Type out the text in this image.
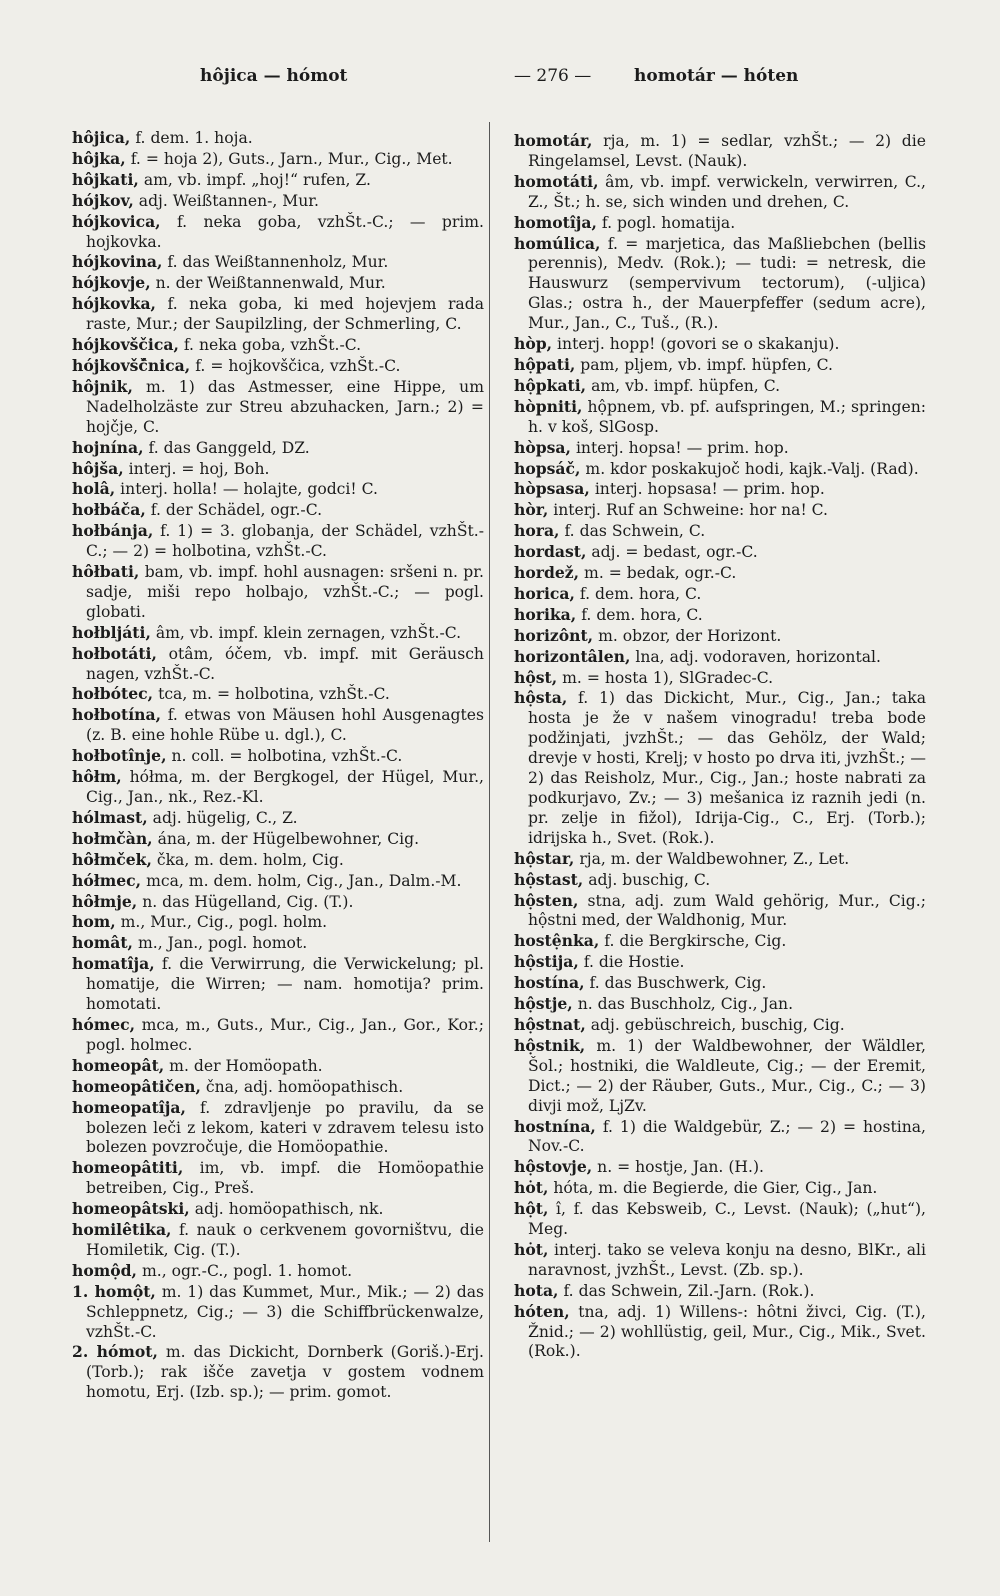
hôjica — hómot	— 276 —	homotár — hóten

hôjica, f. dem. 1. hoja.

hôjka, f. = hoja 2), Guts., Jarn., Mur., Cig., Met.

hôjkati, am, vb. impf. „hoj!“ rufen, Z.

hójkov, adj. Weißtannen-, Mur.

hójkovica, f. neka goba, vzhŠt.-C.; — prim. hojkovka.

hójkovina, f. das Weißtannenholz, Mur.

hójkovje, n. der Weißtannenwald, Mur.

hójkovka, f. neka goba, ki med hojevjem rada raste, Mur.; der Saupilzling, der Schmerling, C.

hójkovščica, f. neka goba, vzhŠt.-C.

hójkovšč̂nica, f. = hojkovščica, vzhŠt.-C.

hôjnik, m. 1) das Astmesser, eine Hippe, um Nadelholzäste zur Streu abzuhacken, Jarn.; 2) = hojčje, C.

hojnína, f. das Ganggeld, DZ.

hôjša, interj. = hoj, Boh.

holâ, interj. holla! — holajte, godci! C.

hołbáča, f. der Schädel, ogr.-C.

hołbánja, f. 1) = 3. globanja, der Schädel, vzhŠt.-C.; — 2) = holbotina, vzhŠt.-C.

hôłbati, bam, vb. impf. hohl ausnagen: sršeni n. pr. sadje, miši repo holbajo, vzhŠt.-C.; — pogl. globati.

hołbljáti, âm, vb. impf. klein zernagen, vzhŠt.-C.

hołbotáti, otâm, óčem, vb. impf. mit Geräusch nagen, vzhŠt.-C.

hołbótec, tca, m. = holbotina, vzhŠt.-C.

hołbotína, f. etwas von Mäusen hohl Ausgenagtes (z. B. eine hohle Rübe u. dgl.), C.

hołbotînje, n. coll. = holbotina, vzhŠt.-C.

hôłm, hółma, m. der Bergkogel, der Hügel, Mur., Cig., Jan., nk., Rez.-Kl.

hólmast, adj. hügelig, C., Z.

hołmčàn, ána, m. der Hügelbewohner, Cig.

hôłmček, čka, m. dem. holm, Cig.

hółmec, mca, m. dem. holm, Cig., Jan., Dalm.-M.

hôłmje, n. das Hügelland, Cig. (T.).

hom, m., Mur., Cig., pogl. holm.

homât, m., Jan., pogl. homot.

homatîja, f. die Verwirrung, die Verwickelung; pl. homatije, die Wirren; — nam. homotija? prim. homotati.

hómec, mca, m., Guts., Mur., Cig., Jan., Gor., Kor.; pogl. holmec.

homeopât, m. der Homöopath.

homeopâtičen, čna, adj. homöopathisch.

homeopatîja, f. zdravljenje po pravilu, da se bolezen leči z lekom, kateri v zdravem telesu isto bolezen povzročuje, die Homöopathie.

homeopâtiti, im, vb. impf. die Homöopathie betreiben, Cig., Preš.

homeopâtski, adj. homöopathisch, nk.

homilêtika, f. nauk o cerkvenem govorništvu, die Homiletik, Cig. (T.).

homộd, m., ogr.-C., pogl. 1. homot.

1. homột, m. 1) das Kummet, Mur., Mik.; — 2) das Schleppnetz, Cig.; — 3) die Schiffbrückenwalze, vzhŠt.-C.

2. hómot, m. das Dickicht, Dornberk (Goriš.)-Erj. (Torb.); rak išče zavetja v gostem vodnem homotu, Erj. (Izb. sp.); — prim. gomot.

homotár, rja, m. 1) = sedlar, vzhŠt.; — 2) die Ringelamsel, Levst. (Nauk).

homotáti, âm, vb. impf. verwickeln, verwirren, C., Z., Št.; h. se, sich winden und drehen, C.

homotîja, f. pogl. homatija.

homúlica, f. = marjetica, das Maßliebchen (bellis perennis), Medv. (Rok.); — tudi: = netresk, die Hauswurz (sempervivum tectorum), (-uljica) Glas.; ostra h., der Mauerpfeffer (sedum acre), Mur., Jan., C., Tuš., (R.).

hòp, interj. hopp! (govori se o skakanju).

hộpati, pam, pljem, vb. impf. hüpfen, C.

hộpkati, am, vb. impf. hüpfen, C.

hòpniti, hộpnem, vb. pf. aufspringen, M.; springen: h. v koš, SlGosp.

hòpsa, interj. hopsa! — prim. hop.

hopsáč, m. kdor poskakujoč hodi, kajk.-Valj. (Rad).

hòpsasa, interj. hopsasa! — prim. hop.

hòr, interj. Ruf an Schweine: hor na! C.

hora, f. das Schwein, C.

hordast, adj. = bedast, ogr.-C.

hordež, m. = bedak, ogr.-C.

horica, f. dem. hora, C.

horika, f. dem. hora, C.

horizônt, m. obzor, der Horizont.

horizontâlen, lna, adj. vodoraven, horizontal.

hộst, m. = hosta 1), SlGradec-C.

hộsta, f. 1) das Dickicht, Mur., Cig., Jan.; taka hosta je že v našem vinogradu! treba bode podžinjati, jvzhŠt.; — das Gehölz, der Wald; drevje v hosti, Krelj; v hosto po drva iti, jvzhŠt.; — 2) das Reisholz, Mur., Cig., Jan.; hoste nabrati za podkurjavo, Zv.; — 3) mešanica iz raznih jedi (n. pr. zelje in fižol), Idrija-Cig., C., Erj. (Torb.); idrijska h., Svet. (Rok.).

hộstar, rja, m. der Waldbewohner, Z., Let.

hộstast, adj. buschig, C.

hộsten, stna, adj. zum Wald gehörig, Mur., Cig.; hộstni med, der Waldhonig, Mur.

hostệnka, f. die Bergkirsche, Cig.

hộstija, f. die Hostie.

hostína, f. das Buschwerk, Cig.

hộstje, n. das Buschholz, Cig., Jan.

hộstnat, adj. gebüschreich, buschig, Cig.

hộstnik, m. 1) der Waldbewohner, der Wäldler, Šol.; hostniki, die Waldleute, Cig.; — der Eremit, Dict.; — 2) der Räuber, Guts., Mur., Cig., C.; — 3) divji mož, LjZv.

hostnína, f. 1) die Waldgebür, Z.; — 2) = hostina, Nov.-C.

hộstovje, n. = hostje, Jan. (H.).

hȯt, hóta, m. die Begierde, die Gier, Cig., Jan.

hột, î, f. das Kebsweib, C., Levst. (Nauk); („hut“), Meg.

hȯt, interj. tako se veleva konju na desno, BlKr., ali naravnost, jvzhŠt., Levst. (Zb. sp.).

hota, f. das Schwein, Zil.-Jarn. (Rok.).

hóten, tna, adj. 1) Willens-: hôtni živci, Cig. (T.), Žnid.; — 2) wohllüstig, geil, Mur., Cig., Mik., Svet. (Rok.).
